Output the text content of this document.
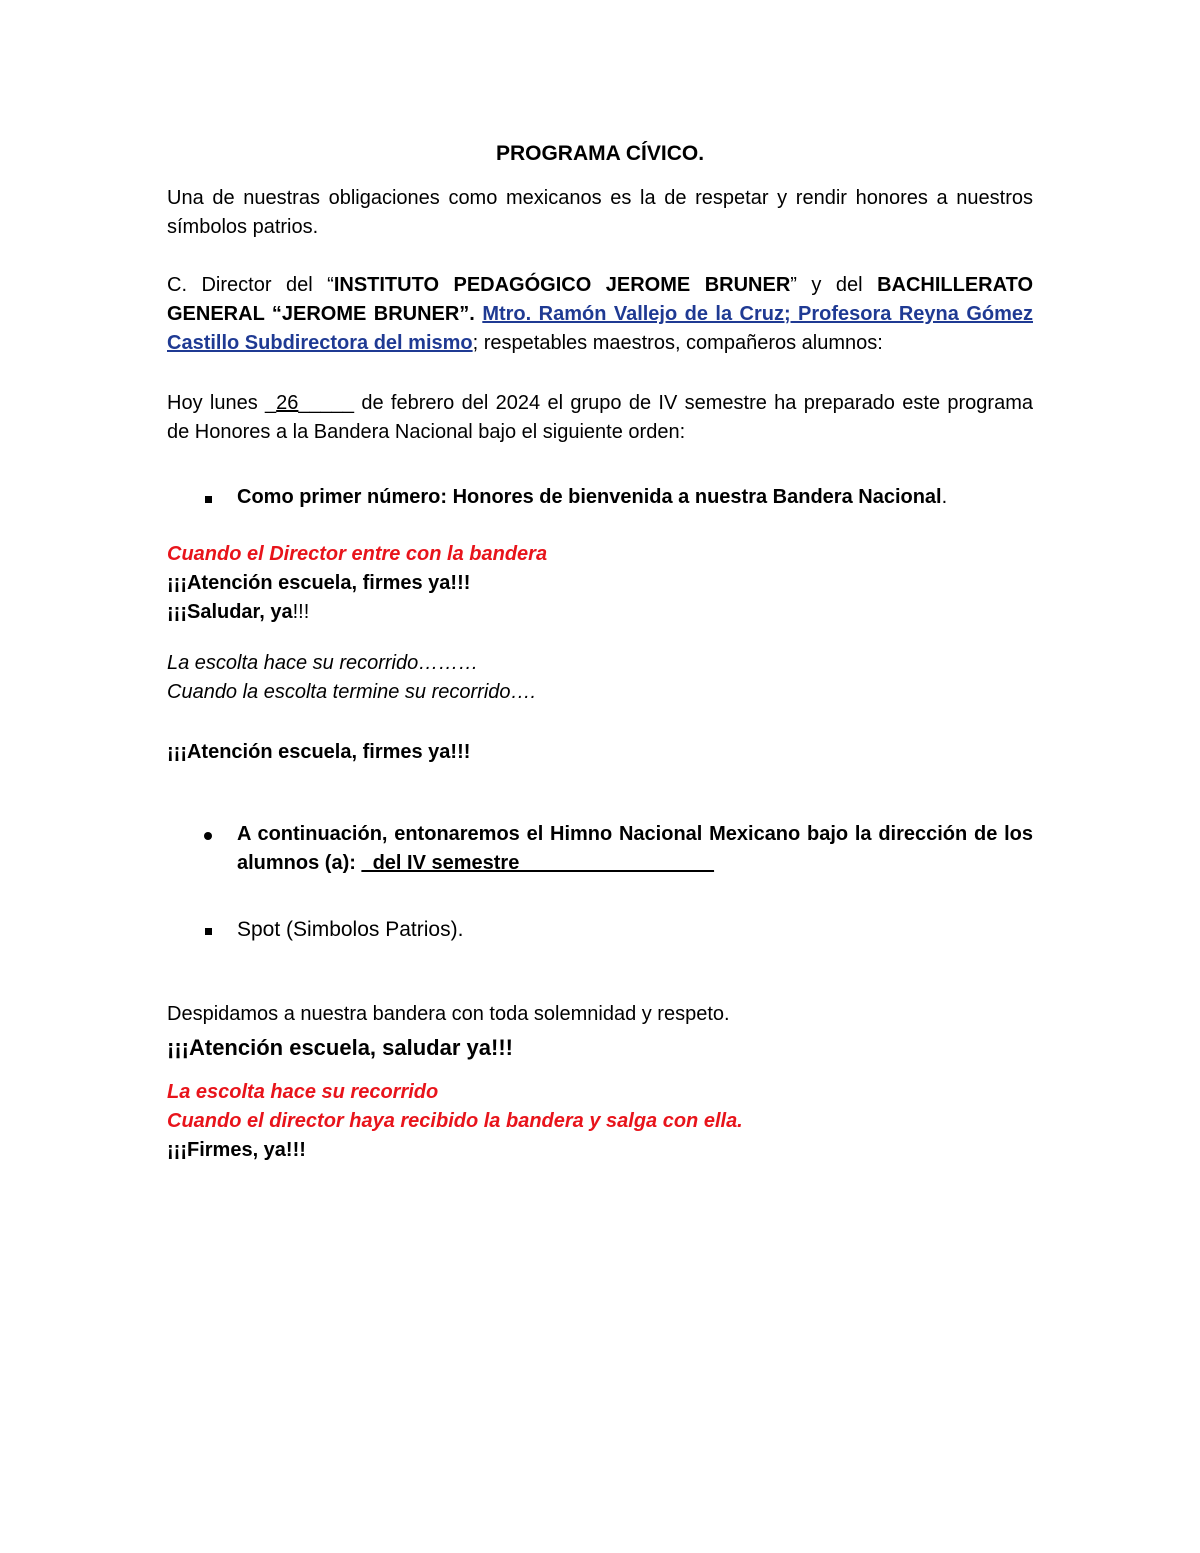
PROGRAMA CÍVICO.
Una de nuestras obligaciones como mexicanos es la de respetar y rendir honores a nuestros símbolos patrios.
C. Director del “INSTITUTO PEDAGÓGICO JEROME BRUNER” y del BACHILLERATO GENERAL “JEROME BRUNER”. Mtro. Ramón Vallejo de la Cruz; Profesora Reyna Gómez Castillo Subdirectora del mismo; respetables maestros, compañeros alumnos:
Hoy lunes _26_____ de febrero del 2024 el grupo de IV semestre ha preparado este programa de Honores a la Bandera Nacional bajo el siguiente orden:
Como primer número: Honores de bienvenida a nuestra Bandera Nacional.
Cuando el Director entre con la bandera
¡¡¡Atención escuela, firmes ya!!!
¡¡¡Saludar, ya!!!
La escolta hace su recorrido………
Cuando la escolta termine su recorrido….
¡¡¡Atención escuela, firmes ya!!!
A continuación, entonaremos el Himno Nacional Mexicano bajo la dirección de los alumnos (a): _del IV semestre _________________
Spot (Simbolos Patrios).
Despidamos a nuestra bandera con toda solemnidad y respeto.
¡¡¡Atención escuela, saludar ya!!!
La escolta hace su recorrido
Cuando el director haya recibido la bandera y salga con ella.
¡¡¡Firmes, ya!!!
